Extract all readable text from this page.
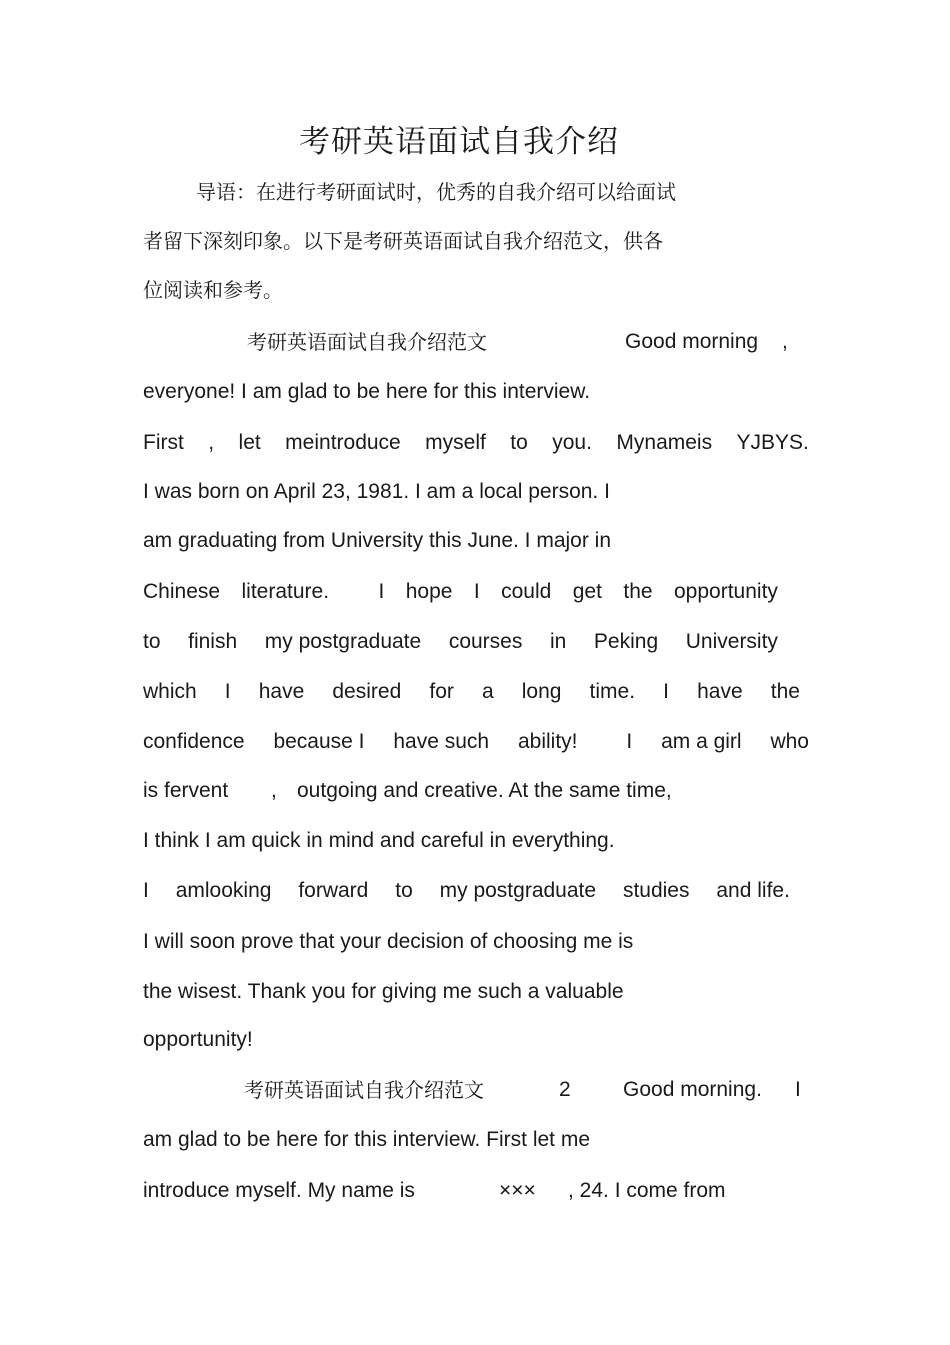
考研英语面试自我介绍
导语：在进行考研面试时，优秀的自我介绍可以给面试
者留下深刻印象。以下是考研英语面试自我介绍范文，供各
位阅读和参考。
考研英语面试自我介绍范文	Good morning ,
everyone! I am glad to be here for this interview.
First , let meintroduce myself to you. Mynameis YJBYS.
I was born on April 23, 1981. I am a local person. I
am graduating from University this June. I major in
Chinese literature. I hope I could get the opportunity
to finish my postgraduate courses in Peking University
which I have desired for a long time. I have the
confidence because I have such ability! I am a girl who
is fervent , outgoing and creative. At the same time,
I think I am quick in mind and careful in everything.
I amlooking forward to my postgraduate studies and life.
I will soon prove that your decision of choosing me is
the wisest. Thank you for giving me such a valuable
opportunity!
考研英语面试自我介绍范文	2 Good morning. I
am glad to be here for this interview. First let me
introduce myself. My name is	××× , 24. I come from
